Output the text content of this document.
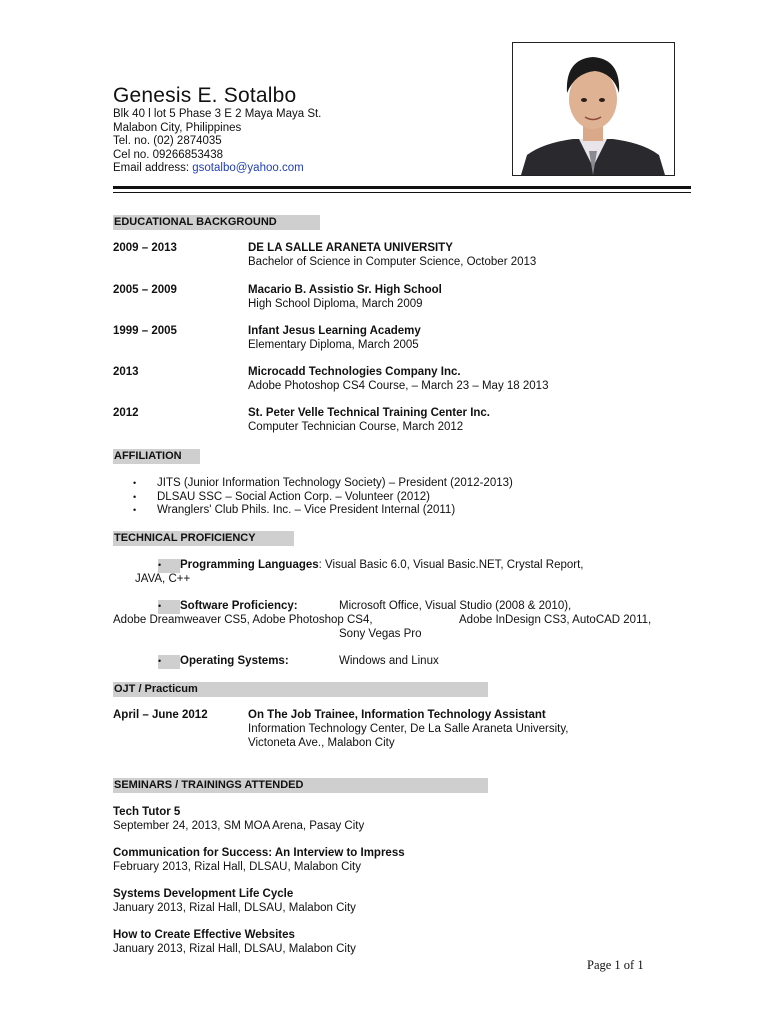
Genesis E. Sotalbo
Blk 40 l lot 5 Phase 3 E 2 Maya Maya St.
Malabon City, Philippines
Tel. no. (02) 2874035
Cel no. 09266853438
Email address: gsotalbo@yahoo.com
EDUCATIONAL BACKGROUND
2009 – 2013	DE LA SALLE ARANETA UNIVERSITY
Bachelor of Science in Computer Science, October 2013
2005 – 2009	Macario B. Assistio Sr. High School
High School Diploma, March 2009
1999 – 2005	Infant Jesus Learning Academy
Elementary Diploma, March 2005
2013	Microcadd Technologies Company Inc.
Adobe Photoshop CS4 Course, – March 23 – May 18 2013
2012	St. Peter Velle Technical Training Center Inc.
Computer Technician Course, March 2012
AFFILIATION
• JITS (Junior Information Technology Society) – President (2012-2013)
• DLSAU SSC – Social Action Corp. – Volunteer (2012)
• Wranglers' Club Phils. Inc. – Vice President Internal (2011)
TECHNICAL PROFICIENCY
• Programming Languages: Visual Basic 6.0, Visual Basic.NET, Crystal Report,
JAVA, C++
• Software Proficiency:	Microsoft Office, Visual Studio (2008 & 2010),
Adobe Dreamweaver CS5, Adobe Photoshop CS4,	Adobe InDesign CS3, AutoCAD 2011,
Sony Vegas Pro
• Operating Systems:	Windows and Linux
OJT / Practicum
April – June 2012	On The Job Trainee, Information Technology Assistant
Information Technology Center, De La Salle Araneta University,
Victoneta Ave., Malabon City
SEMINARS / TRAININGS ATTENDED
Tech Tutor 5
September 24, 2013, SM MOA Arena, Pasay City
Communication for Success: An Interview to Impress
February 2013, Rizal Hall, DLSAU, Malabon City
Systems Development Life Cycle
January 2013, Rizal Hall, DLSAU, Malabon City
How to Create Effective Websites
January 2013, Rizal Hall, DLSAU, Malabon City
Page 1 of 1
